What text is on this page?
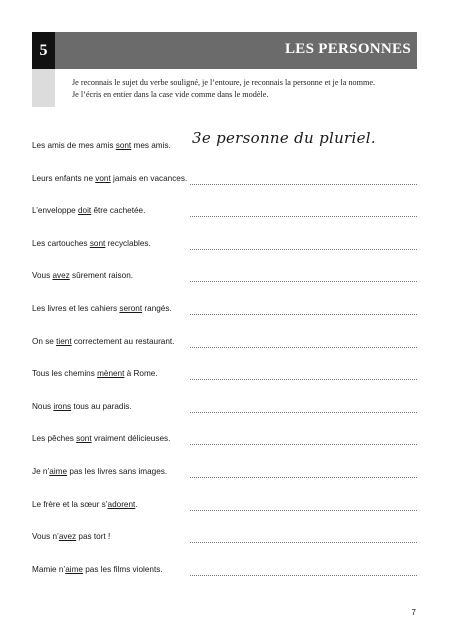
5	LES PERSONNES
Je reconnais le sujet du verbe souligné, je l’entoure, je reconnais la personne et je la nomme.
Je l’écris en entier dans la case vide comme dans le modèle.
Les amis de mes amis sont mes amis. 3e personne du pluriel.
Leurs enfants ne vont jamais en vacances.
L’enveloppe doit être cachetée.
Les cartouches sont recyclables.
Vous avez sûrement raison.
Les livres et les cahiers seront rangés.
On se tient correctement au restaurant.
Tous les chemins mènent à Rome.
Nous irons tous au paradis.
Les pêches sont vraiment délicieuses.
Je n’aime pas les livres sans images.
Le frère et la sœur s’adorent.
Vous n’avez pas tort !
Mamie n’aime pas les films violents.
7
